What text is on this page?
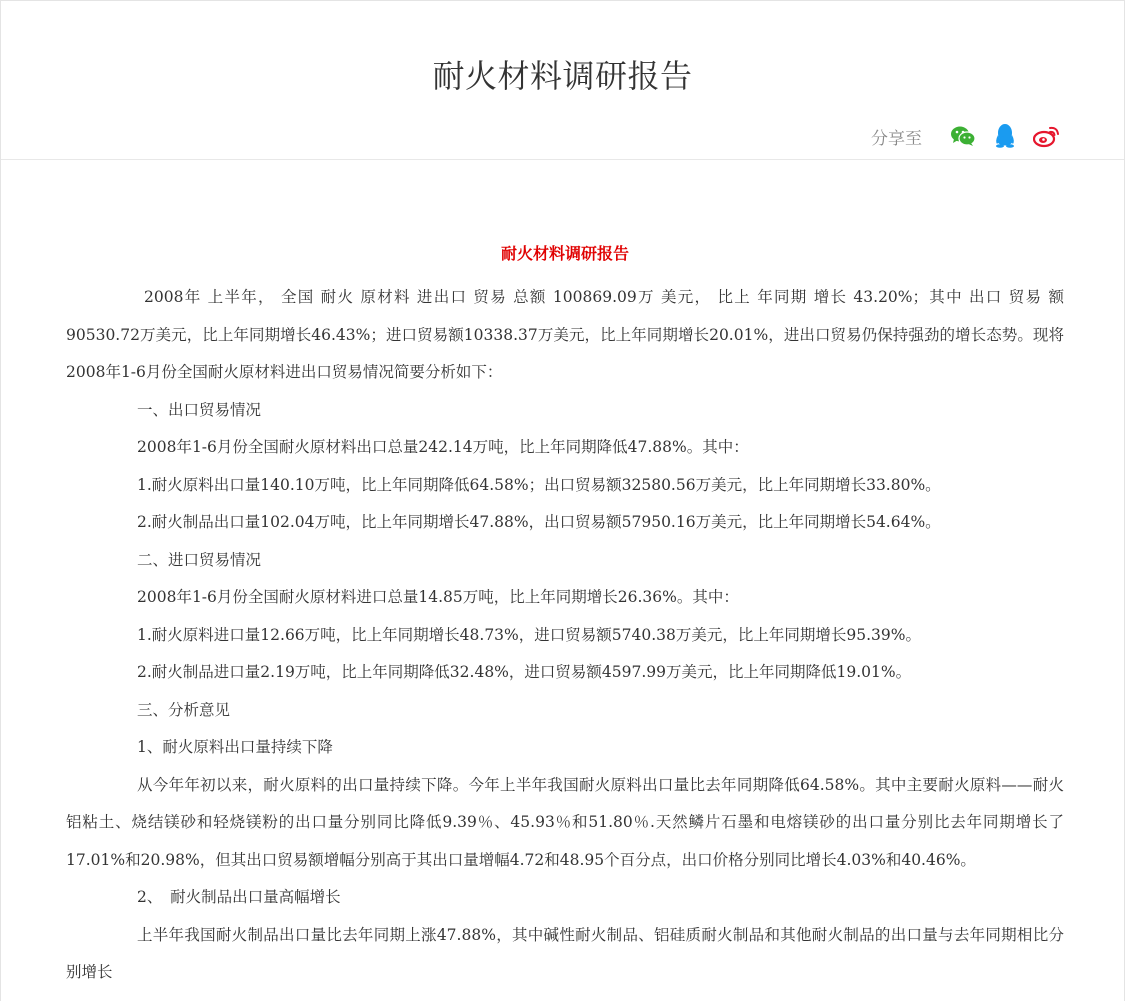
耐火材料调研报告
分享至
耐火材料调研报告

2008年 上半年， 全国 耐火 原材料 进出口 贸易 总额 100869.09万 美元， 比上 年同期 增长 43.20%；其中 出口 贸易 额90530.72万美元，比上年同期增长46.43%；进口贸易额10338.37万美元，比上年同期增长20.01%，进出口贸易仍保持强劲的增长态势。现将2008年1-6月份全国耐火原材料进出口贸易情况简要分析如下：

一、出口贸易情况

2008年1-6月份全国耐火原材料出口总量242.14万吨，比上年同期降低47.88%。其中：

1.耐火原料出口量140.10万吨，比上年同期降低64.58%；出口贸易额32580.56万美元，比上年同期增长33.80%。

2.耐火制品出口量102.04万吨，比上年同期增长47.88%，出口贸易额57950.16万美元，比上年同期增长54.64%。

二、进口贸易情况

2008年1-6月份全国耐火原材料进口总量14.85万吨，比上年同期增长26.36%。其中：

1.耐火原料进口量12.66万吨，比上年同期增长48.73%，进口贸易额5740.38万美元，比上年同期增长95.39%。

2.耐火制品进口量2.19万吨，比上年同期降低32.48%，进口贸易额4597.99万美元，比上年同期降低19.01%。

三、分析意见

1、耐火原料出口量持续下降

从今年年初以来，耐火原料的出口量持续下降。今年上半年我国耐火原料出口量比去年同期降低64.58%。其中主要耐火原料——耐火铝粘土、烧结镁砂和轻烧镁粉的出口量分别同比降低9.39％、45.93％和51.80％.天然鳞片石墨和电熔镁砂的出口量分别比去年同期增长了17.01%和20.98%，但其出口贸易额增幅分别高于其出口量增幅4.72和48.95个百分点，出口价格分别同比增长4.03%和40.46%。

2、　耐火制品出口量高幅增长

上半年我国耐火制品出口量比去年同期上涨47.88%，其中碱性耐火制品、铝硅质耐火制品和其他耐火制品的出口量与去年同期相比分别增长
